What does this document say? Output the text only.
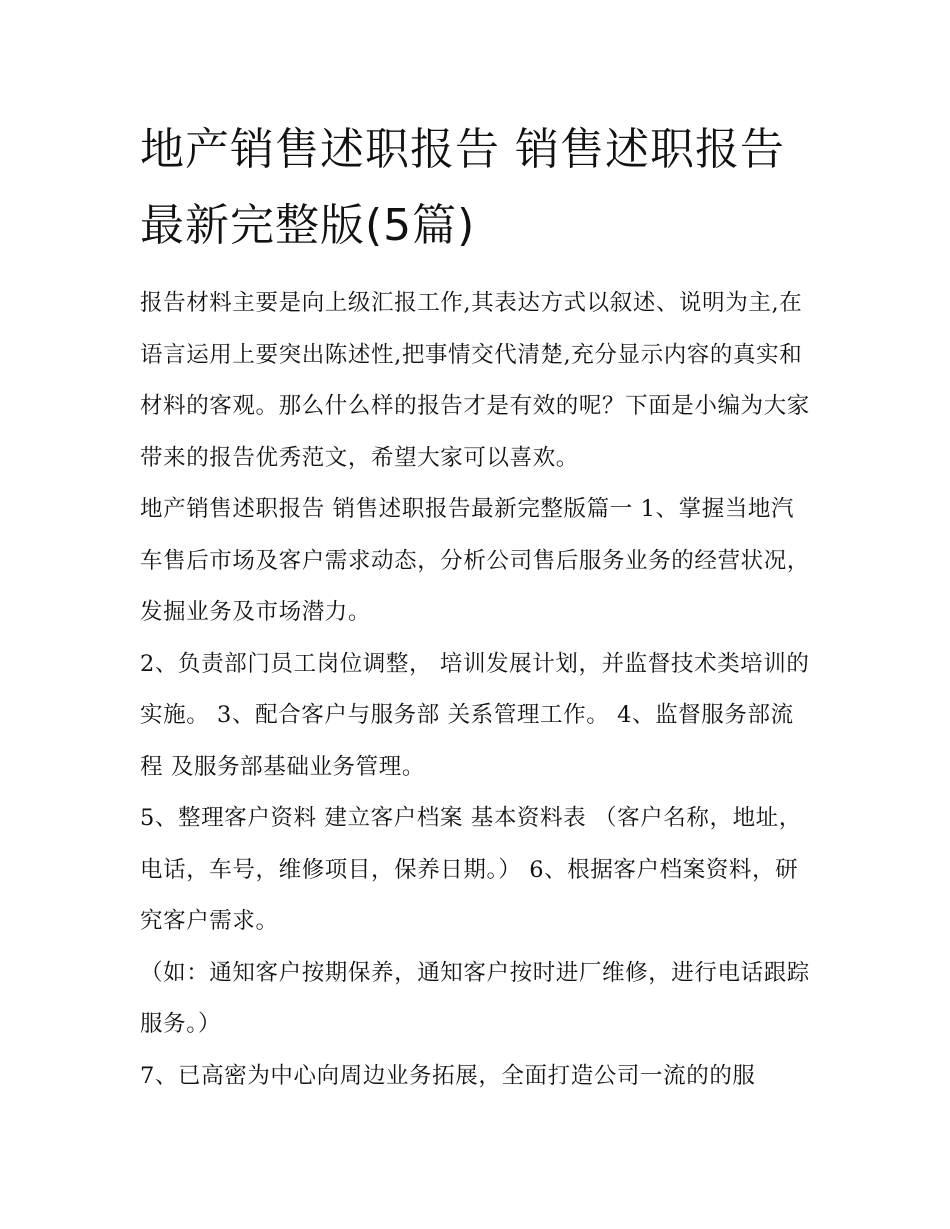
地产销售述职报告 销售述职报告最新完整版(5篇)

报告材料主要是向上级汇报工作,其表达方式以叙述、说明为主,在语言运用上要突出陈述性,把事情交代清楚,充分显示内容的真实和材料的客观。那么什么样的报告才是有效的呢？下面是小编为大家带来的报告优秀范文，希望大家可以喜欢。

地产销售述职报告 销售述职报告最新完整版篇一 1、掌握当地汽车售后市场及客户需求动态，分析公司售后服务业务的经营状况，发掘业务及市场潜力。

2、负责部门员工岗位调整， 培训发展计划，并监督技术类培训的实施。 3、配合客户与服务部 关系管理工作。 4、监督服务部流程 及服务部基础业务管理。

5、整理客户资料 建立客户档案 基本资料表 （客户名称，地址，电话，车号，维修项目，保养日期。） 6、根据客户档案资料，研究客户需求。

（如：通知客户按期保养，通知客户按时进厂维修，进行电话跟踪服务。）

7、已高密为中心向周边业务拓展，全面打造公司一流的的服
